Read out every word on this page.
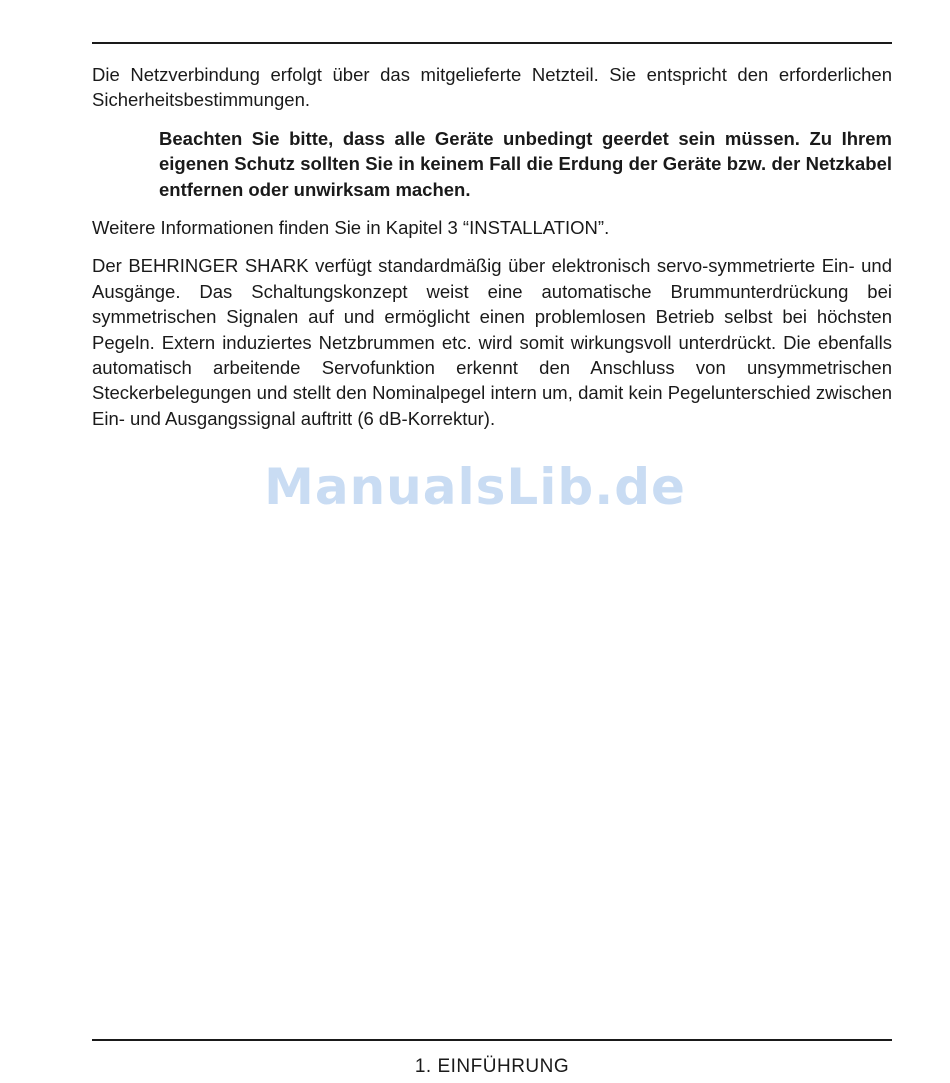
Die Netzverbindung erfolgt über das mitgelieferte Netzteil. Sie entspricht den erforderlichen Sicherheitsbestimmungen.

Beachten Sie bitte, dass alle Geräte unbedingt geerdet sein müssen. Zu Ihrem eigenen Schutz sollten Sie in keinem Fall die Erdung der Geräte bzw. der Netzkabel entfernen oder unwirksam machen.

Weitere Informationen finden Sie in Kapitel 3 “INSTALLATION”.

Der BEHRINGER SHARK verfügt standardmäßig über elektronisch servo-symmetrierte Ein- und Ausgänge. Das Schaltungskonzept weist eine automatische Brummunterdrückung bei symmetrischen Signalen auf und ermöglicht einen problemlosen Betrieb selbst bei höchsten Pegeln. Extern induziertes Netzbrummen etc. wird somit wirkungsvoll unterdrückt. Die ebenfalls automatisch arbeitende Servofunktion erkennt den Anschluss von unsymmetrischen Steckerbelegungen und stellt den Nominalpegel intern um, damit kein Pegelunterschied zwischen Ein- und Ausgangssignal auftritt (6 dB-Korrektur).

ManualsLib.de
1. EINFÜHRUNG
